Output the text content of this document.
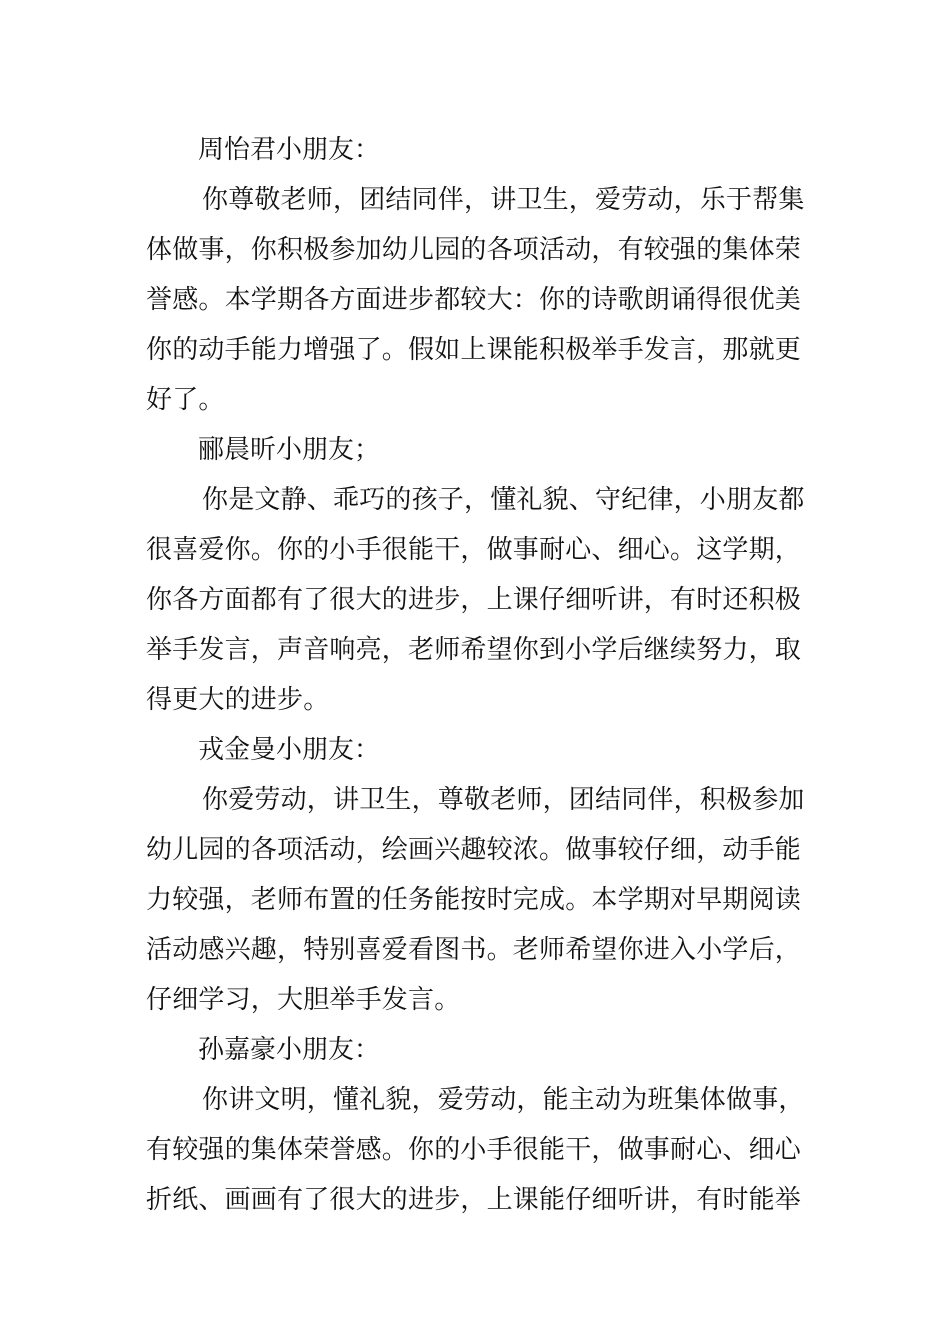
周怡君小朋友：
你尊敬老师，团结同伴，讲卫生，爱劳动，乐于帮集
体做事，你积极参加幼儿园的各项活动，有较强的集体荣
誉感。本学期各方面进步都较大：你的诗歌朗诵得很优美
你的动手能力增强了。假如上课能积极举手发言，那就更
好了。
郦晨昕小朋友；
你是文静、乖巧的孩子，懂礼貌、守纪律，小朋友都
很喜爱你。你的小手很能干，做事耐心、细心。这学期，
你各方面都有了很大的进步，上课仔细听讲，有时还积极
举手发言，声音响亮，老师希望你到小学后继续努力，取
得更大的进步。
戎金曼小朋友：
你爱劳动，讲卫生，尊敬老师，团结同伴，积极参加
幼儿园的各项活动，绘画兴趣较浓。做事较仔细，动手能
力较强，老师布置的任务能按时完成。本学期对早期阅读
活动感兴趣，特别喜爱看图书。老师希望你进入小学后，
仔细学习，大胆举手发言。
孙嘉豪小朋友：
你讲文明，懂礼貌，爱劳动，能主动为班集体做事，
有较强的集体荣誉感。你的小手很能干，做事耐心、细心
折纸、画画有了很大的进步，上课能仔细听讲，有时能举
